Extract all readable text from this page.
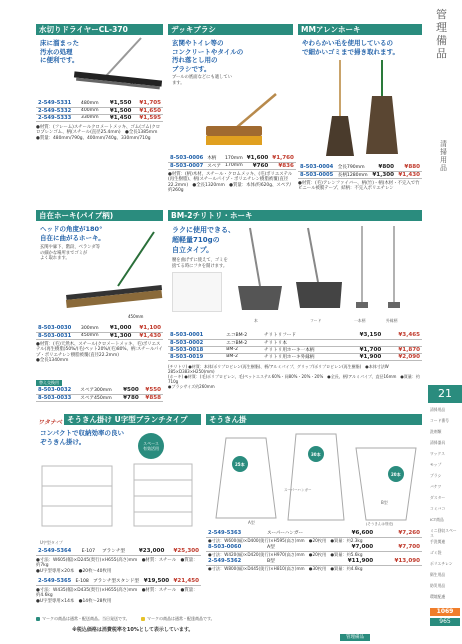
管理備品
清掃用品
21
清掃用品
コード番号
洗剤類
清掃器具
ワックス
モップ
ブラシ
バケツ
ダスター
コミバコ
ICT商品
ミニ回収スペース
手洗関連
ゴミ袋
ポリエチレン
衛生用品
防災用品
環境配慮
1069
965
水切りドライヤーCL-370
床に溜まった
汚水の処理
に便利です。
480mm
2-549-5331	480mm	¥1,550	¥1,705
2-549-5332	400mm	¥1,500	¥1,650
2-549-5333	330mm	¥1,450	¥1,595
●材質：(フレーム)スチールクロメートメッキ、ゴム(ゴム)クロロプレンゴム、柄(スチール(直径25.4mm)　●全長1385mm
●質量：480mm/790g、400mm/740g、330mm/710g
デッキブラシ
玄関やトイレ等の
コンクリートやタイルの
汚れ落とし用の
ブラシです。
ブールの底面などにも適しています。
8-503-0006	木柄	170mm	¥1,600	¥1,760
8-503-0007	スペア	170mm	¥760	¥836
●材質：(柄)木材、スチール・クロムメッキ、(毛)ポリエステル(再生樹脂)、柄(スチールパイプ・ポリエチレン樹脂被覆(直径22.2mm)　●全長1320mm　●質量：本体/約620g、スペア/約260g
MMアレンホーキ
やわらかい毛を使用しているの
で細かいゴミまで掃き取れます。
8-503-0004	全長790mm	¥800	¥880
8-503-0005	長柄1280mm	¥1,300	¥1,430
●材質：(毛)アレンファイバー、柄(竹)・柄)木材・不完入で竹ビニール被膜テープ、結柄：不完入ポリエチレン
自在ホーキ(パイプ柄)
ヘッドの角度が180°
自在に曲がるホーキ。
玄関や廊下、階段、ベランダ等の細かな場所までゴミが
よく取れます。
450mm
8-503-0030	300mm	¥1,000	¥1,100
8-503-0031	450mm	¥1,300	¥1,430
●材質：(毛)天然木、スチール(クロメートメッキ、毛)ポリエステル(再生樹脂)50%/(毛)ペット20%/(毛)80%、柄:スチールパイプ・ポリエチレン樹脂被覆(直径22.2mm)
●全長1340mm
替え交換用
8-503-0032	スペア300mm	¥500	¥550
8-503-0033	スペア450mm	¥780	¥858
BM-2チリトリ・ホーキ
ラクに使用できる、
超軽量710gの
自立タイプ。
腰を曲げずに使えて、ゴミを
捨てる時にフタを開けます。
本	フード	一本柄	外縁柄
8-503-0001	エコBM-2	チリトリフード	¥3,150	¥3,465
8-503-0002	エコBM-2	チリトリ本		
8-503-0018	BM-2	チリトリ用ホーキ一本柄	¥1,700	¥1,870
8-503-0019	BM-2	チリトリ用ホーキ外縁柄	¥1,900	¥2,090
(チリトリ) ●材質：本体/ポリプロピレン(再生樹脂)、柄/アルミパイプ、グリップ/ポリプロピレン(再生樹脂)　●本体寸法W 285×D383×H250(mm)
(ホーキ) ●材質：(毛)ポリプロピレン、毛)ペットエステル60%・同80%・20%・20%　●全長、柄/アルミパイプ、直径16mm　●質量：約710g
●ブラシサイズ約260mm
ワタナベ そうきん掛け U字型ブランチタイプ
コンパクトで収納効率の良い
ぞうきん掛け。	スペース
有効活用
U字型タイプ
2-549-5364	E-107	ブランチ型	¥23,000	¥25,300
●寸法：W605(幅)×D245(奥行)×H655(高さ)mm　●材質：スチール　●質量：約7kg
●U字型専用×20本　●20枚〜40枚用
2-549-5365	E-108	ブランチ型スタンド型	¥19,500	¥21,450
●寸法：W435(幅)×D435(奥行)×H655(高さ)mm　●材質：スチール　●質量：約4.6kg
●U字型専用×14本　●14枚〜28枚用
そうきん掛
25本
30本
20本
A型
B型
スーパーハンガー
(そうきんは別売)
2-549-5363	スーパーハンガー	¥6,600	¥7,260
●寸法：W600(幅)×D400(奥行)×H595(高さ)mm　●20枚用　●質量：約2.3kg			
8-503-0060	A型	¥7,000	¥7,700
●寸法：W420(幅)×D420(奥行)×H970(高さ)mm　●20枚用　●質量：約5.6kg			
2-549-5362	B型	¥11,900	¥13,090
●寸法：W800(幅)×D445(奥行)×H810(高さ)mm　●30枚用　●質量：約4.6kg			
マークの商品は通常・配送商品。当日発送です。	マークの商品は通常・配達商品です。
※税込価格は消費税率を10%として表示しています。
管理備品
